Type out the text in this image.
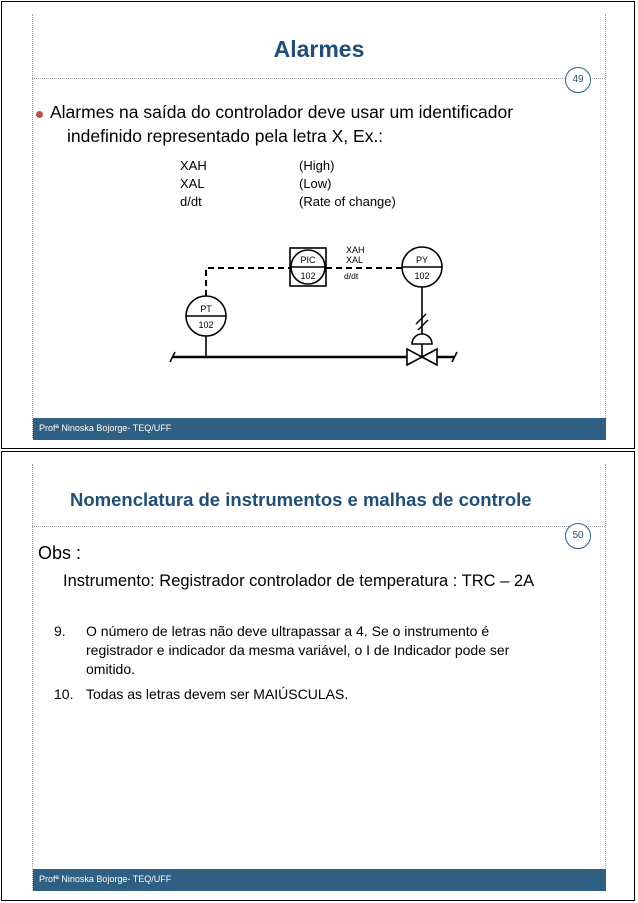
Alarmes
49
Alarmes na saída do controlador deve usar um identificador
indefinido representado pela letra X, Ex.:
XAH	(High)
XAL	(Low)
d/dt	(Rate of change)
PIC
102
XAH
XAL
d/dt
PY
102
PT
102
Profª Ninoska Bojorge- TEQ/UFF
Nomenclatura de instrumentos e malhas de controle
50
Obs :
Instrumento: Registrador controlador de temperatura : TRC – 2A
9. O número de letras não deve ultrapassar a 4. Se o instrumento é
registrador e indicador da mesma variável, o I de Indicador pode ser
omitido.
10. Todas as letras devem ser MAIÚSCULAS.
Profª Ninoska Bojorge- TEQ/UFF
